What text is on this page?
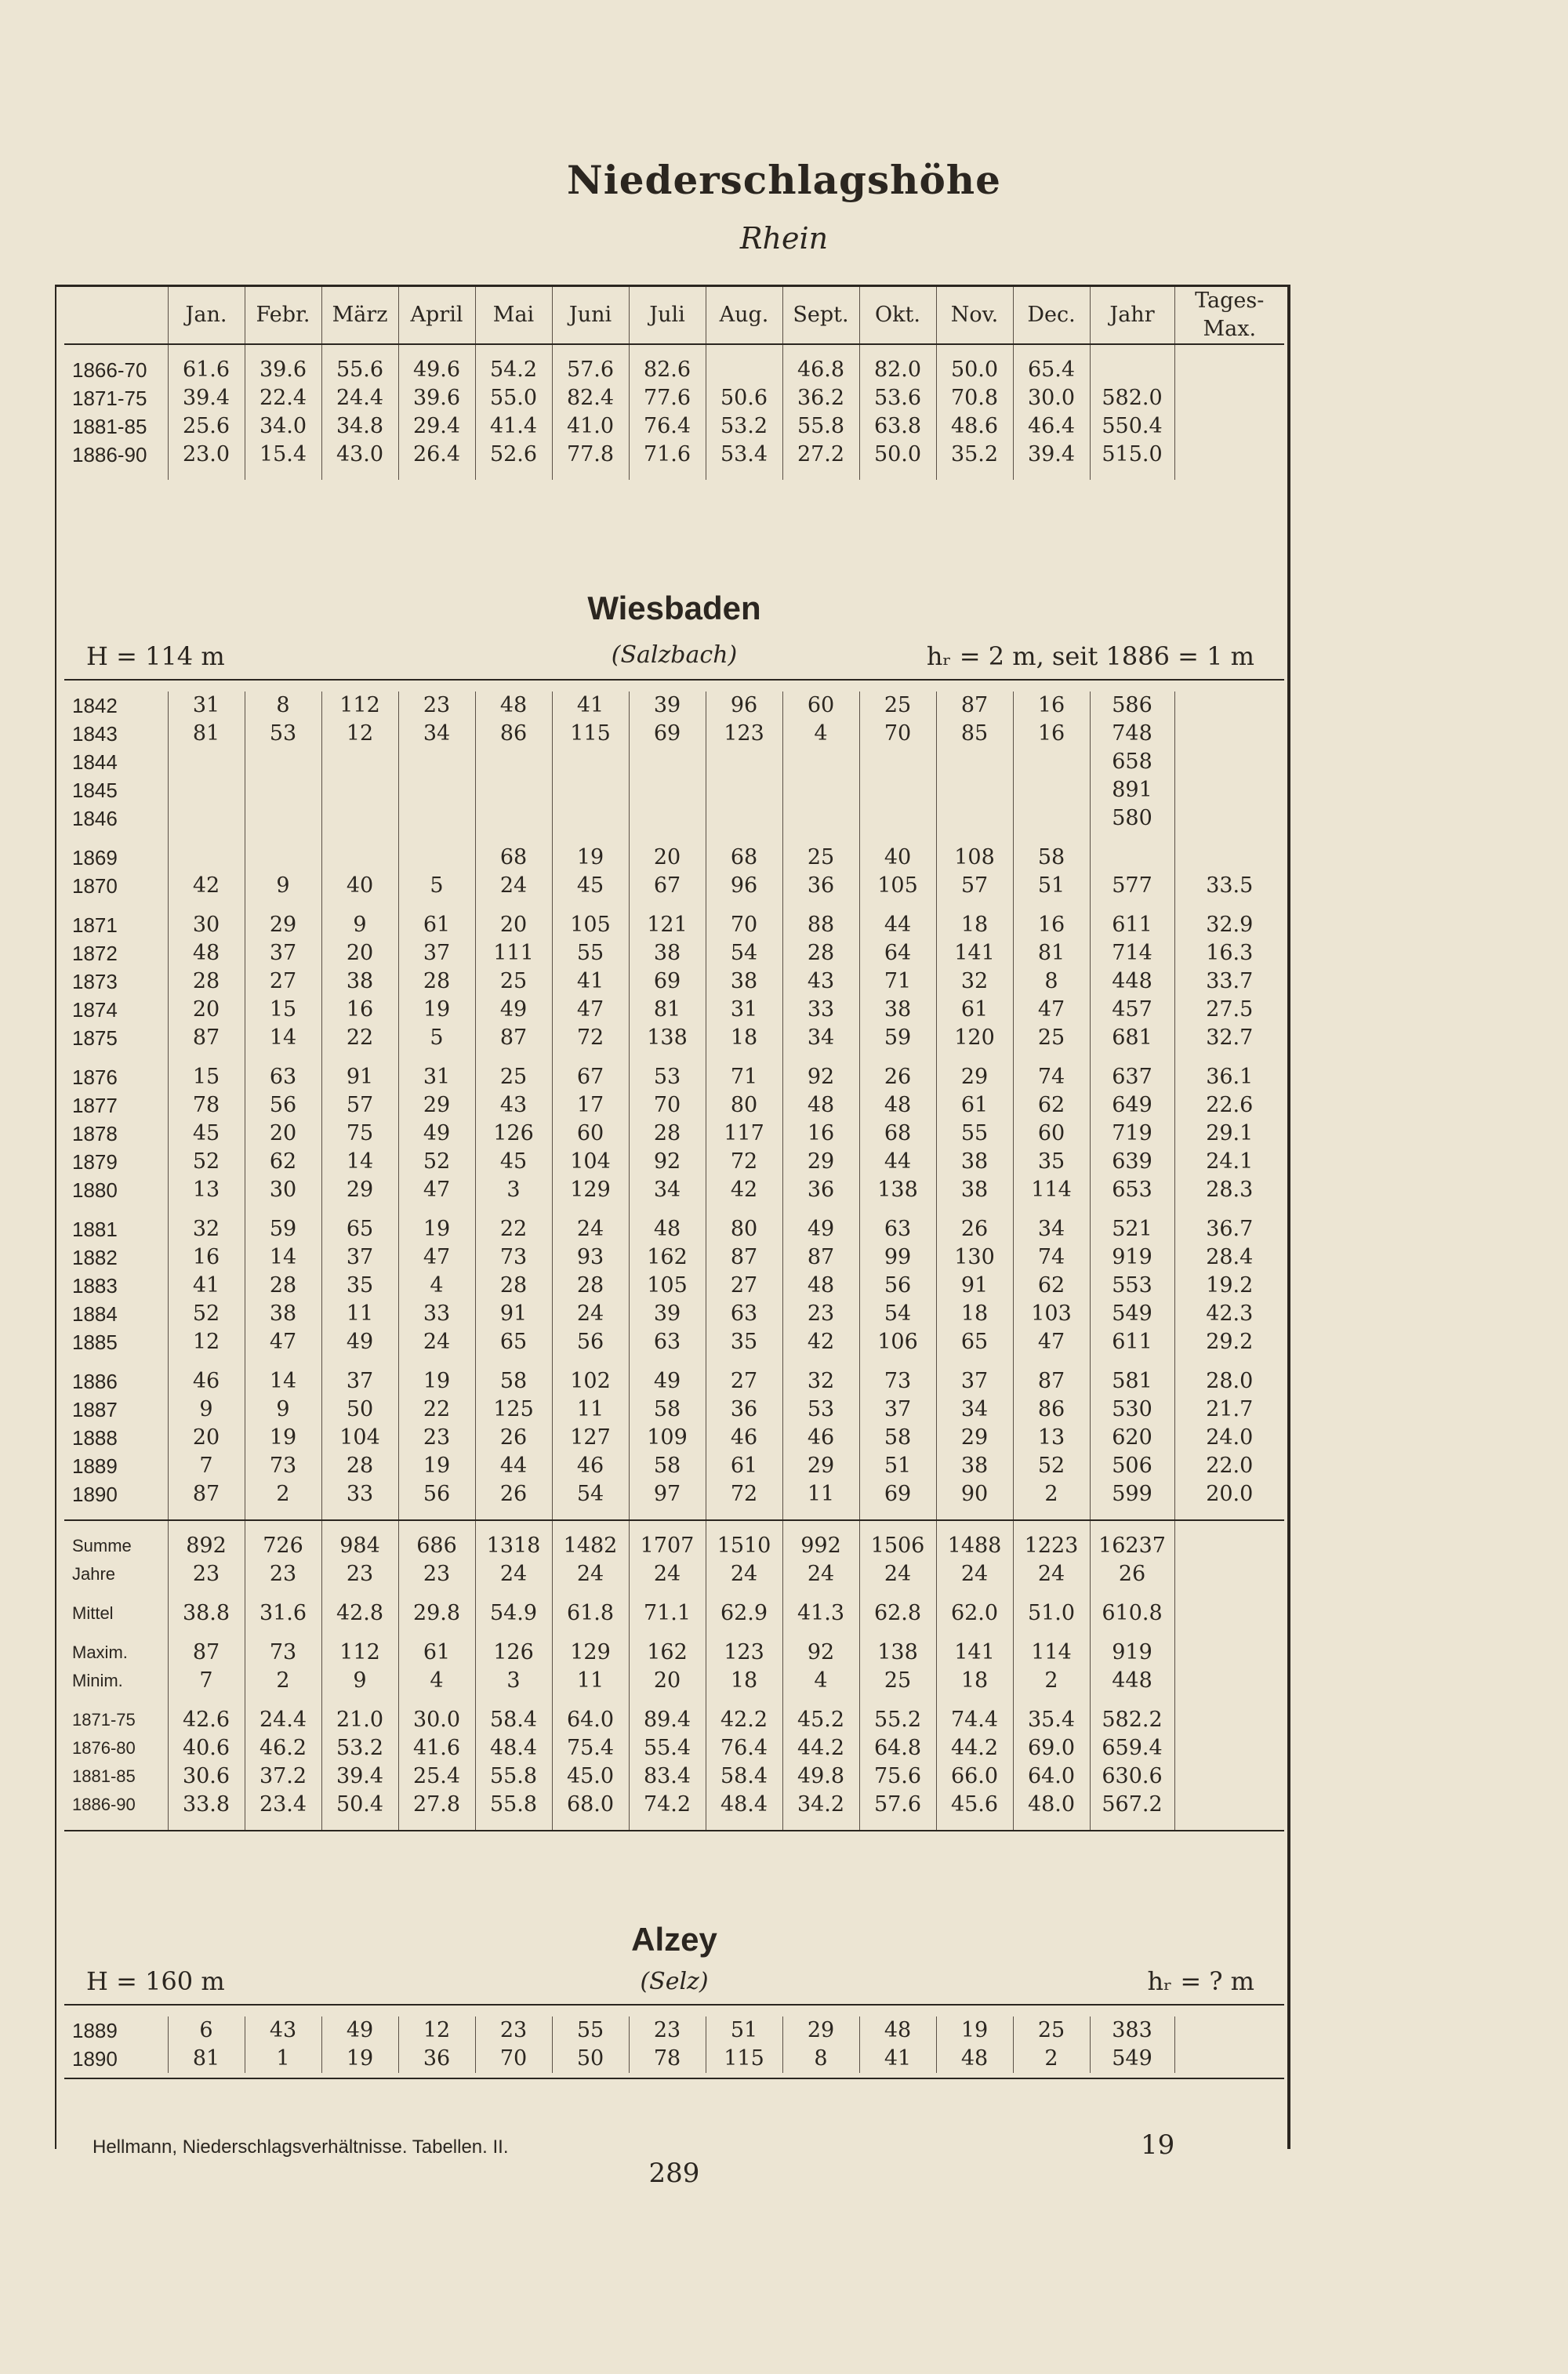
Niederschlagshöhe
Rhein
	Jan.	Febr.	März	April	Mai	Juni	Juli	Aug.	Sept.	Okt.	Nov.	Dec.	Jahr	Tages-Max.

1866-70	61.6	39.6	55.6	49.6	54.2	57.6	82.6		46.8	82.0	50.0	65.4		
1871-75	39.4	22.4	24.4	39.6	55.0	82.4	77.6	50.6	36.2	53.6	70.8	30.0	582.0	
1881-85	25.6	34.0	34.8	29.4	41.4	41.0	76.4	53.2	55.8	63.8	48.6	46.4	550.4	
1886-90	23.0	15.4	43.0	26.4	52.6	77.8	71.6	53.4	27.2	50.0	35.2	39.4	515.0	

Wiesbaden
H = 114 m	(Salzbach)	hᵣ = 2 m, seit 1886 = 1 m
1842	31	8	112	23	48	41	39	96	60	25	87	16	586	
1843	81	53	12	34	86	115	69	123	4	70	85	16	748	
1844													658	
1845													891	
1846													580	

1869					68	19	20	68	25	40	108	58		
1870	42	9	40	5	24	45	67	96	36	105	57	51	577	33.5

1871	30	29	9	61	20	105	121	70	88	44	18	16	611	32.9
1872	48	37	20	37	111	55	38	54	28	64	141	81	714	16.3
1873	28	27	38	28	25	41	69	38	43	71	32	8	448	33.7
1874	20	15	16	19	49	47	81	31	33	38	61	47	457	27.5
1875	87	14	22	5	87	72	138	18	34	59	120	25	681	32.7

1876	15	63	91	31	25	67	53	71	92	26	29	74	637	36.1
1877	78	56	57	29	43	17	70	80	48	48	61	62	649	22.6
1878	45	20	75	49	126	60	28	117	16	68	55	60	719	29.1
1879	52	62	14	52	45	104	92	72	29	44	38	35	639	24.1
1880	13	30	29	47	3	129	34	42	36	138	38	114	653	28.3

1881	32	59	65	19	22	24	48	80	49	63	26	34	521	36.7
1882	16	14	37	47	73	93	162	87	87	99	130	74	919	28.4
1883	41	28	35	4	28	28	105	27	48	56	91	62	553	19.2
1884	52	38	11	33	91	24	39	63	23	54	18	103	549	42.3
1885	12	47	49	24	65	56	63	35	42	106	65	47	611	29.2

1886	46	14	37	19	58	102	49	27	32	73	37	87	581	28.0
1887	9	9	50	22	125	11	58	36	53	37	34	86	530	21.7
1888	20	19	104	23	26	127	109	46	46	58	29	13	620	24.0
1889	7	73	28	19	44	46	58	61	29	51	38	52	506	22.0
1890	87	2	33	56	26	54	97	72	11	69	90	2	599	20.0

Summe	892	726	984	686	1318	1482	1707	1510	992	1506	1488	1223	16237	
Jahre	23	23	23	23	24	24	24	24	24	24	24	24	26	

Mittel	38.8	31.6	42.8	29.8	54.9	61.8	71.1	62.9	41.3	62.8	62.0	51.0	610.8	

Maxim.	87	73	112	61	126	129	162	123	92	138	141	114	919	
Minim.	7	2	9	4	3	11	20	18	4	25	18	2	448	

1871-75	42.6	24.4	21.0	30.0	58.4	64.0	89.4	42.2	45.2	55.2	74.4	35.4	582.2	
1876-80	40.6	46.2	53.2	41.6	48.4	75.4	55.4	76.4	44.2	64.8	44.2	69.0	659.4	
1881-85	30.6	37.2	39.4	25.4	55.8	45.0	83.4	58.4	49.8	75.6	66.0	64.0	630.6	
1886-90	33.8	23.4	50.4	27.8	55.8	68.0	74.2	48.4	34.2	57.6	45.6	48.0	567.2	

Alzey
H = 160 m	(Selz)	hᵣ = ? m
1889	6	43	49	12	23	55	23	51	29	48	19	25	383	
1890	81	1	19	36	70	50	78	115	8	41	48	2	549	
Hellmann, Niederschlagsverhältnisse. Tabellen. II.	19
289
